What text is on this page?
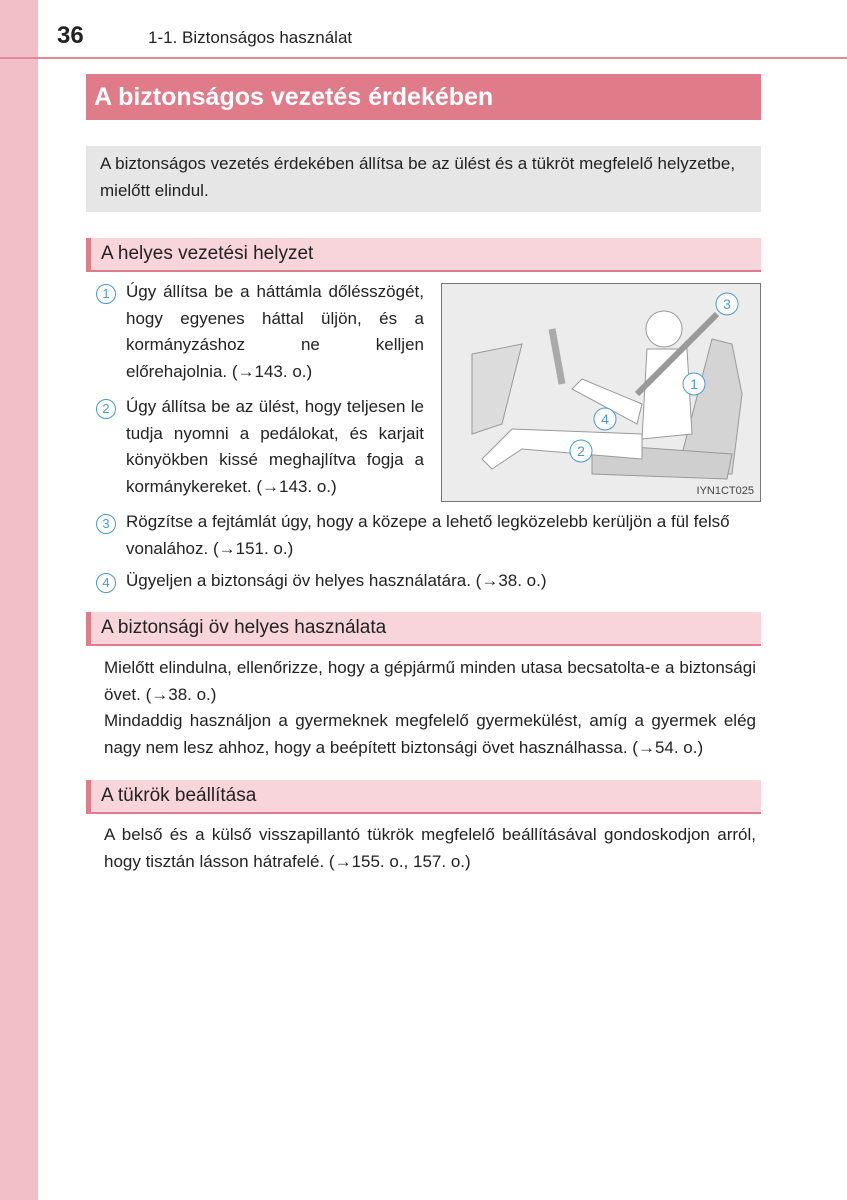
36	1-1. Biztonságos használat
A biztonságos vezetés érdekében
A biztonságos vezetés érdekében állítsa be az ülést és a tükröt megfelelő helyzetbe, mielőtt elindul.
A helyes vezetési helyzet
1 Úgy állítsa be a háttámla dőlésszögét, hogy egyenes háttal üljön, és a kormányzáshoz ne kelljen előrehajolnia. (→143. o.)
2 Úgy állítsa be az ülést, hogy teljesen le tudja nyomni a pedálokat, és karjait könyökben kissé meghajlítva fogja a kormánykereket. (→143. o.)
3 Rögzítse a fejtámlát úgy, hogy a közepe a lehető legközelebb kerüljön a fül felső vonalához. (→151. o.)
4 Ügyeljen a biztonsági öv helyes használatára. (→38. o.)
3
1
4
2
IYN1CT025
A biztonsági öv helyes használata
Mielőtt elindulna, ellenőrizze, hogy a gépjármű minden utasa becsatolta-e a biztonsági övet. (→38. o.)
Mindaddig használjon a gyermeknek megfelelő gyermekülést, amíg a gyermek elég nagy nem lesz ahhoz, hogy a beépített biztonsági övet használhassa. (→54. o.)
A tükrök beállítása
A belső és a külső visszapillantó tükrök megfelelő beállításával gondoskodjon arról, hogy tisztán lásson hátrafelé. (→155. o., 157. o.)
